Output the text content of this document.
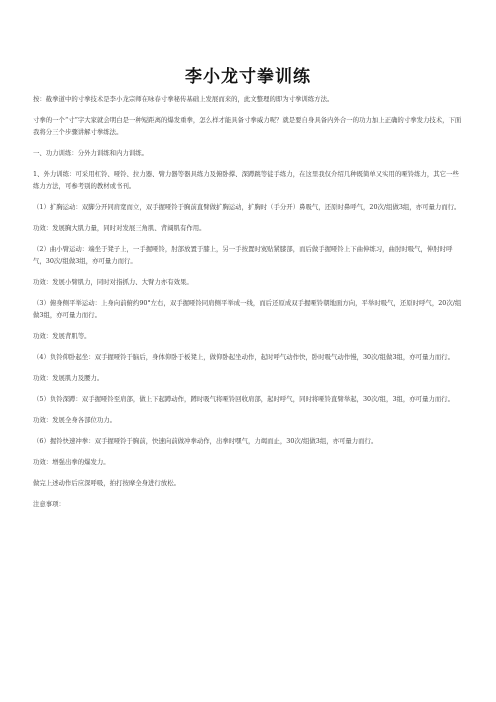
李小龙寸拳训练

按：截拳道中的寸拳技术是李小龙宗师在咏春寸拳秘传基础上发展而来的，此文整理的即为寸拳训练方法。

寸拳的一个“寸”字大家就会明白是一种短距离的爆发重拳，怎么样才能具备寸拳威力呢？就是要自身具备内外合一的功力加上正确的寸拳发力技术，下面我将分三个步骤讲解寸拳练法。

一、功力训练：分外力训练和内力训练。

1、外力训练：可采用杠铃、哑铃、拉力器、臂力器等器具练力及俯卧撑、深蹲跳等徒手练力，在这里我仅介绍几种既简单又实用的哑铃练力，其它一些练力方法，可参考别的教材或书刊。

（1）扩胸运动：双脚分开同肩宽而立，双手握哑铃于胸前直臂做扩胸运动，扩胸时（手分开）鼻吸气，还原时鼻呼气，20次/组做3组，亦可量力而行。

功效：发展胸大肌力量，同时对发展三角肌、背阔肌有作用。

（2）曲小臂运动：端坐于凳子上，一手握哑铃，肘部放置于膝上，另一手按置时寞贴紧膝部，而后做手握哑铃上下曲伸练习，曲肘时吸气，伸肘时呼气，30次/组做3组，亦可量力而行。

功效：发展小臂肌力，同时对指抓力、大臂力亦有效果。

（3）俯身侧平举运动：上身向前俯约90°左右，双手握哑铃同肩侧平举成一线，而后还原成双手握哑铃朝地面方向，平举时吸气，还原时呼气，20次/组做3组，亦可量力而行。

功效：发展背肌等。

（4）负铃仰卧起坐：双手握哑铃于脑后，身体仰卧于板凳上，做仰卧起坐动作，起时呼气动作快，卧时吸气动作慢，30次/组做3组，亦可量力而行。

功效：发展肌力及腰力。

（5）负铃深蹲：双手握哑铃至肩部，做上下起蹲动作，蹲时吸气将哑铃回收肩部，起时呼气，同时将哑铃直臂举起，30次/组，3组，亦可量力而行。

功效：发展全身各部位功力。

（6）握铃快速冲拳：双手握哑铃于胸前，快速向前做冲拳动作，出拳时嘿气，力竭而止，30次/组做3组，亦可量力而行。

功效：增强出拳的爆发力。

做完上述动作后应深呼吸，拍打按摩全身进行放松。

注意事项：
